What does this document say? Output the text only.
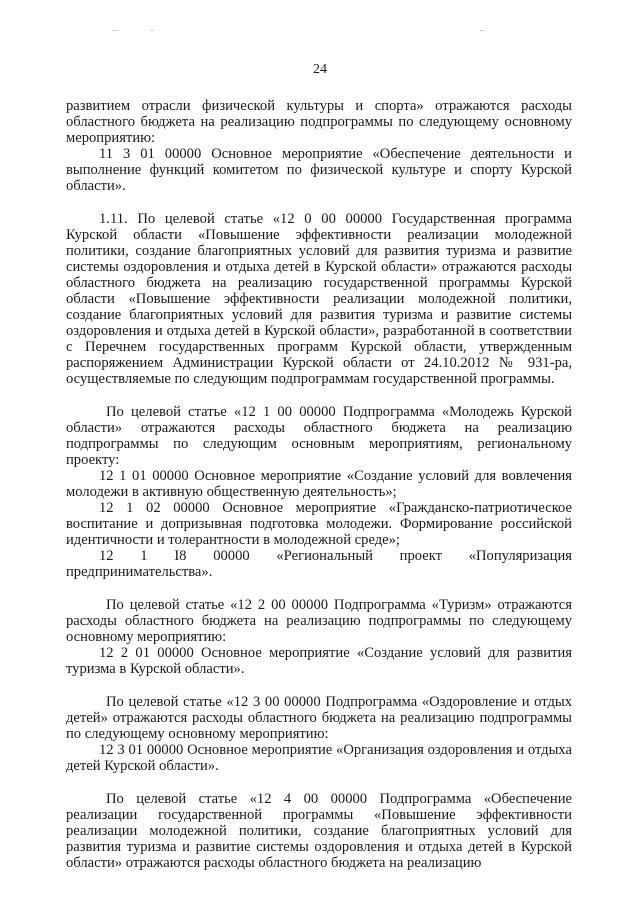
24

развитием отрасли физической культуры и спорта» отражаются расходы областного бюджета на реализацию подпрограммы по следующему основному мероприятию:

11 3 01 00000 Основное мероприятие «Обеспечение деятельности и выполнение функций комитетом по физической культуре и спорту Курской области».

1.11. По целевой статье «12 0 00 00000 Государственная программа Курской области «Повышение эффективности реализации молодежной политики, создание благоприятных условий для развития туризма и развитие системы оздоровления и отдыха детей в Курской области» отражаются расходы областного бюджета на реализацию государственной программы Курской области «Повышение эффективности реализации молодежной политики, создание благоприятных условий для развития туризма и развитие системы оздоровления и отдыха детей в Курской области», разработанной в соответствии с Перечнем государственных программ Курской области, утвержденным распоряжением Администрации Курской области от 24.10.2012 № 931-ра, осуществляемые по следующим подпрограммам государственной программы.

По целевой статье «12 1 00 00000 Подпрограмма «Молодежь Курской области» отражаются расходы областного бюджета на реализацию подпрограммы по следующим основным мероприятиям, региональному проекту:

12 1 01 00000 Основное мероприятие «Создание условий для вовлечения молодежи в активную общественную деятельность»;

12 1 02 00000 Основное мероприятие «Гражданско-патриотическое воспитание и допризывная подготовка молодежи. Формирование российской идентичности и толерантности в молодежной среде»;

12 1 I8 00000 «Региональный проект «Популяризация предпринимательства».

По целевой статье «12 2 00 00000 Подпрограмма «Туризм» отражаются расходы областного бюджета на реализацию подпрограммы по следующему основному мероприятию:

12 2 01 00000 Основное мероприятие «Создание условий для развития туризма в Курской области».

По целевой статье «12 3 00 00000 Подпрограмма «Оздоровление и отдых детей» отражаются расходы областного бюджета на реализацию подпрограммы по следующему основному мероприятию:

12 3 01 00000 Основное мероприятие «Организация оздоровления и отдыха детей Курской области».

По целевой статье «12 4 00 00000 Подпрограмма «Обеспечение реализации государственной программы «Повышение эффективности реализации молодежной политики, создание благоприятных условий для развития туризма и развитие системы оздоровления и отдыха детей в Курской области» отражаются расходы областного бюджета на реализацию
